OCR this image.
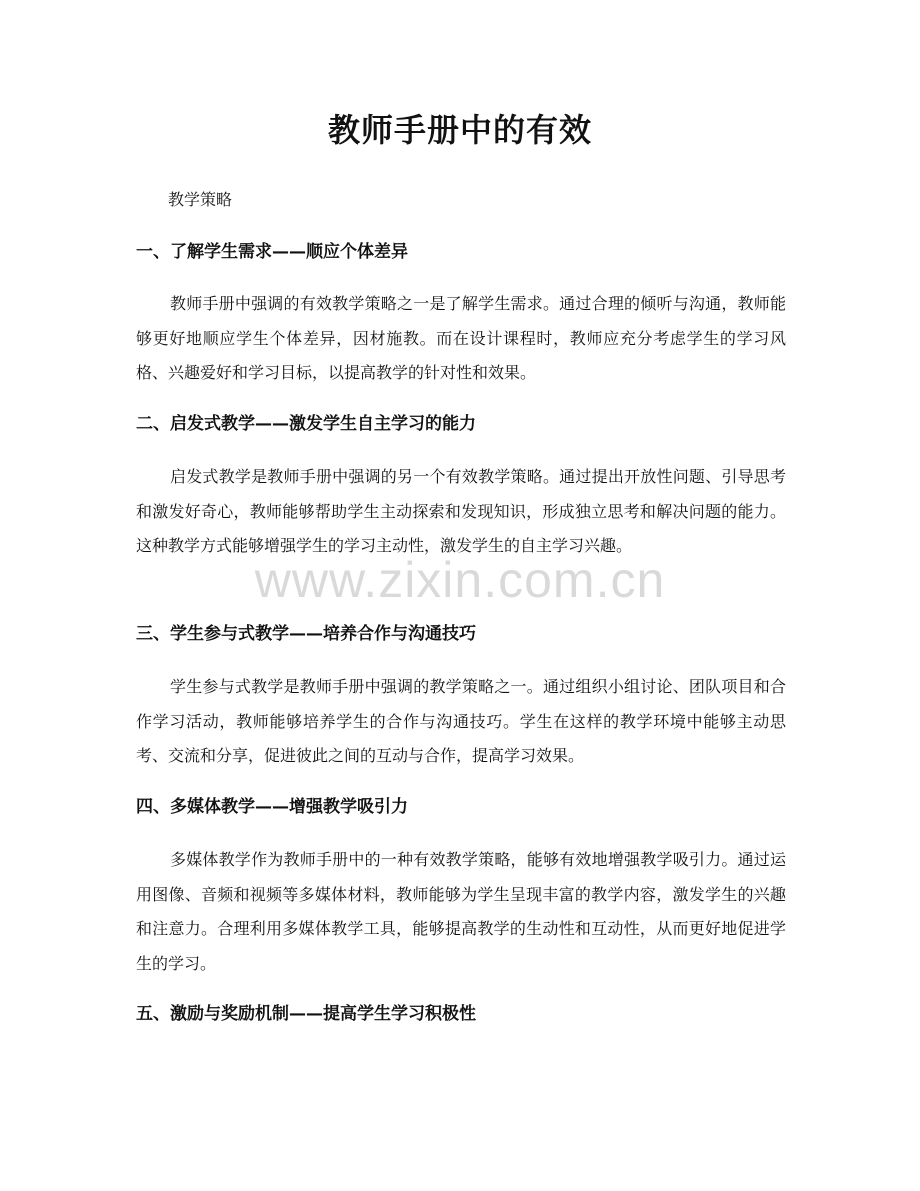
教师手册中的有效
教学策略
一、了解学生需求——顺应个体差异
教师手册中强调的有效教学策略之一是了解学生需求。通过合理的倾听与沟通，教师能够更好地顺应学生个体差异，因材施教。而在设计课程时，教师应充分考虑学生的学习风格、兴趣爱好和学习目标，以提高教学的针对性和效果。
二、启发式教学——激发学生自主学习的能力
启发式教学是教师手册中强调的另一个有效教学策略。通过提出开放性问题、引导思考和激发好奇心，教师能够帮助学生主动探索和发现知识，形成独立思考和解决问题的能力。这种教学方式能够增强学生的学习主动性，激发学生的自主学习兴趣。
三、学生参与式教学——培养合作与沟通技巧
学生参与式教学是教师手册中强调的教学策略之一。通过组织小组讨论、团队项目和合作学习活动，教师能够培养学生的合作与沟通技巧。学生在这样的教学环境中能够主动思考、交流和分享，促进彼此之间的互动与合作，提高学习效果。
四、多媒体教学——增强教学吸引力
多媒体教学作为教师手册中的一种有效教学策略，能够有效地增强教学吸引力。通过运用图像、音频和视频等多媒体材料，教师能够为学生呈现丰富的教学内容，激发学生的兴趣和注意力。合理利用多媒体教学工具，能够提高教学的生动性和互动性，从而更好地促进学生的学习。
五、激励与奖励机制——提高学生学习积极性
www.zixin.com.cn
